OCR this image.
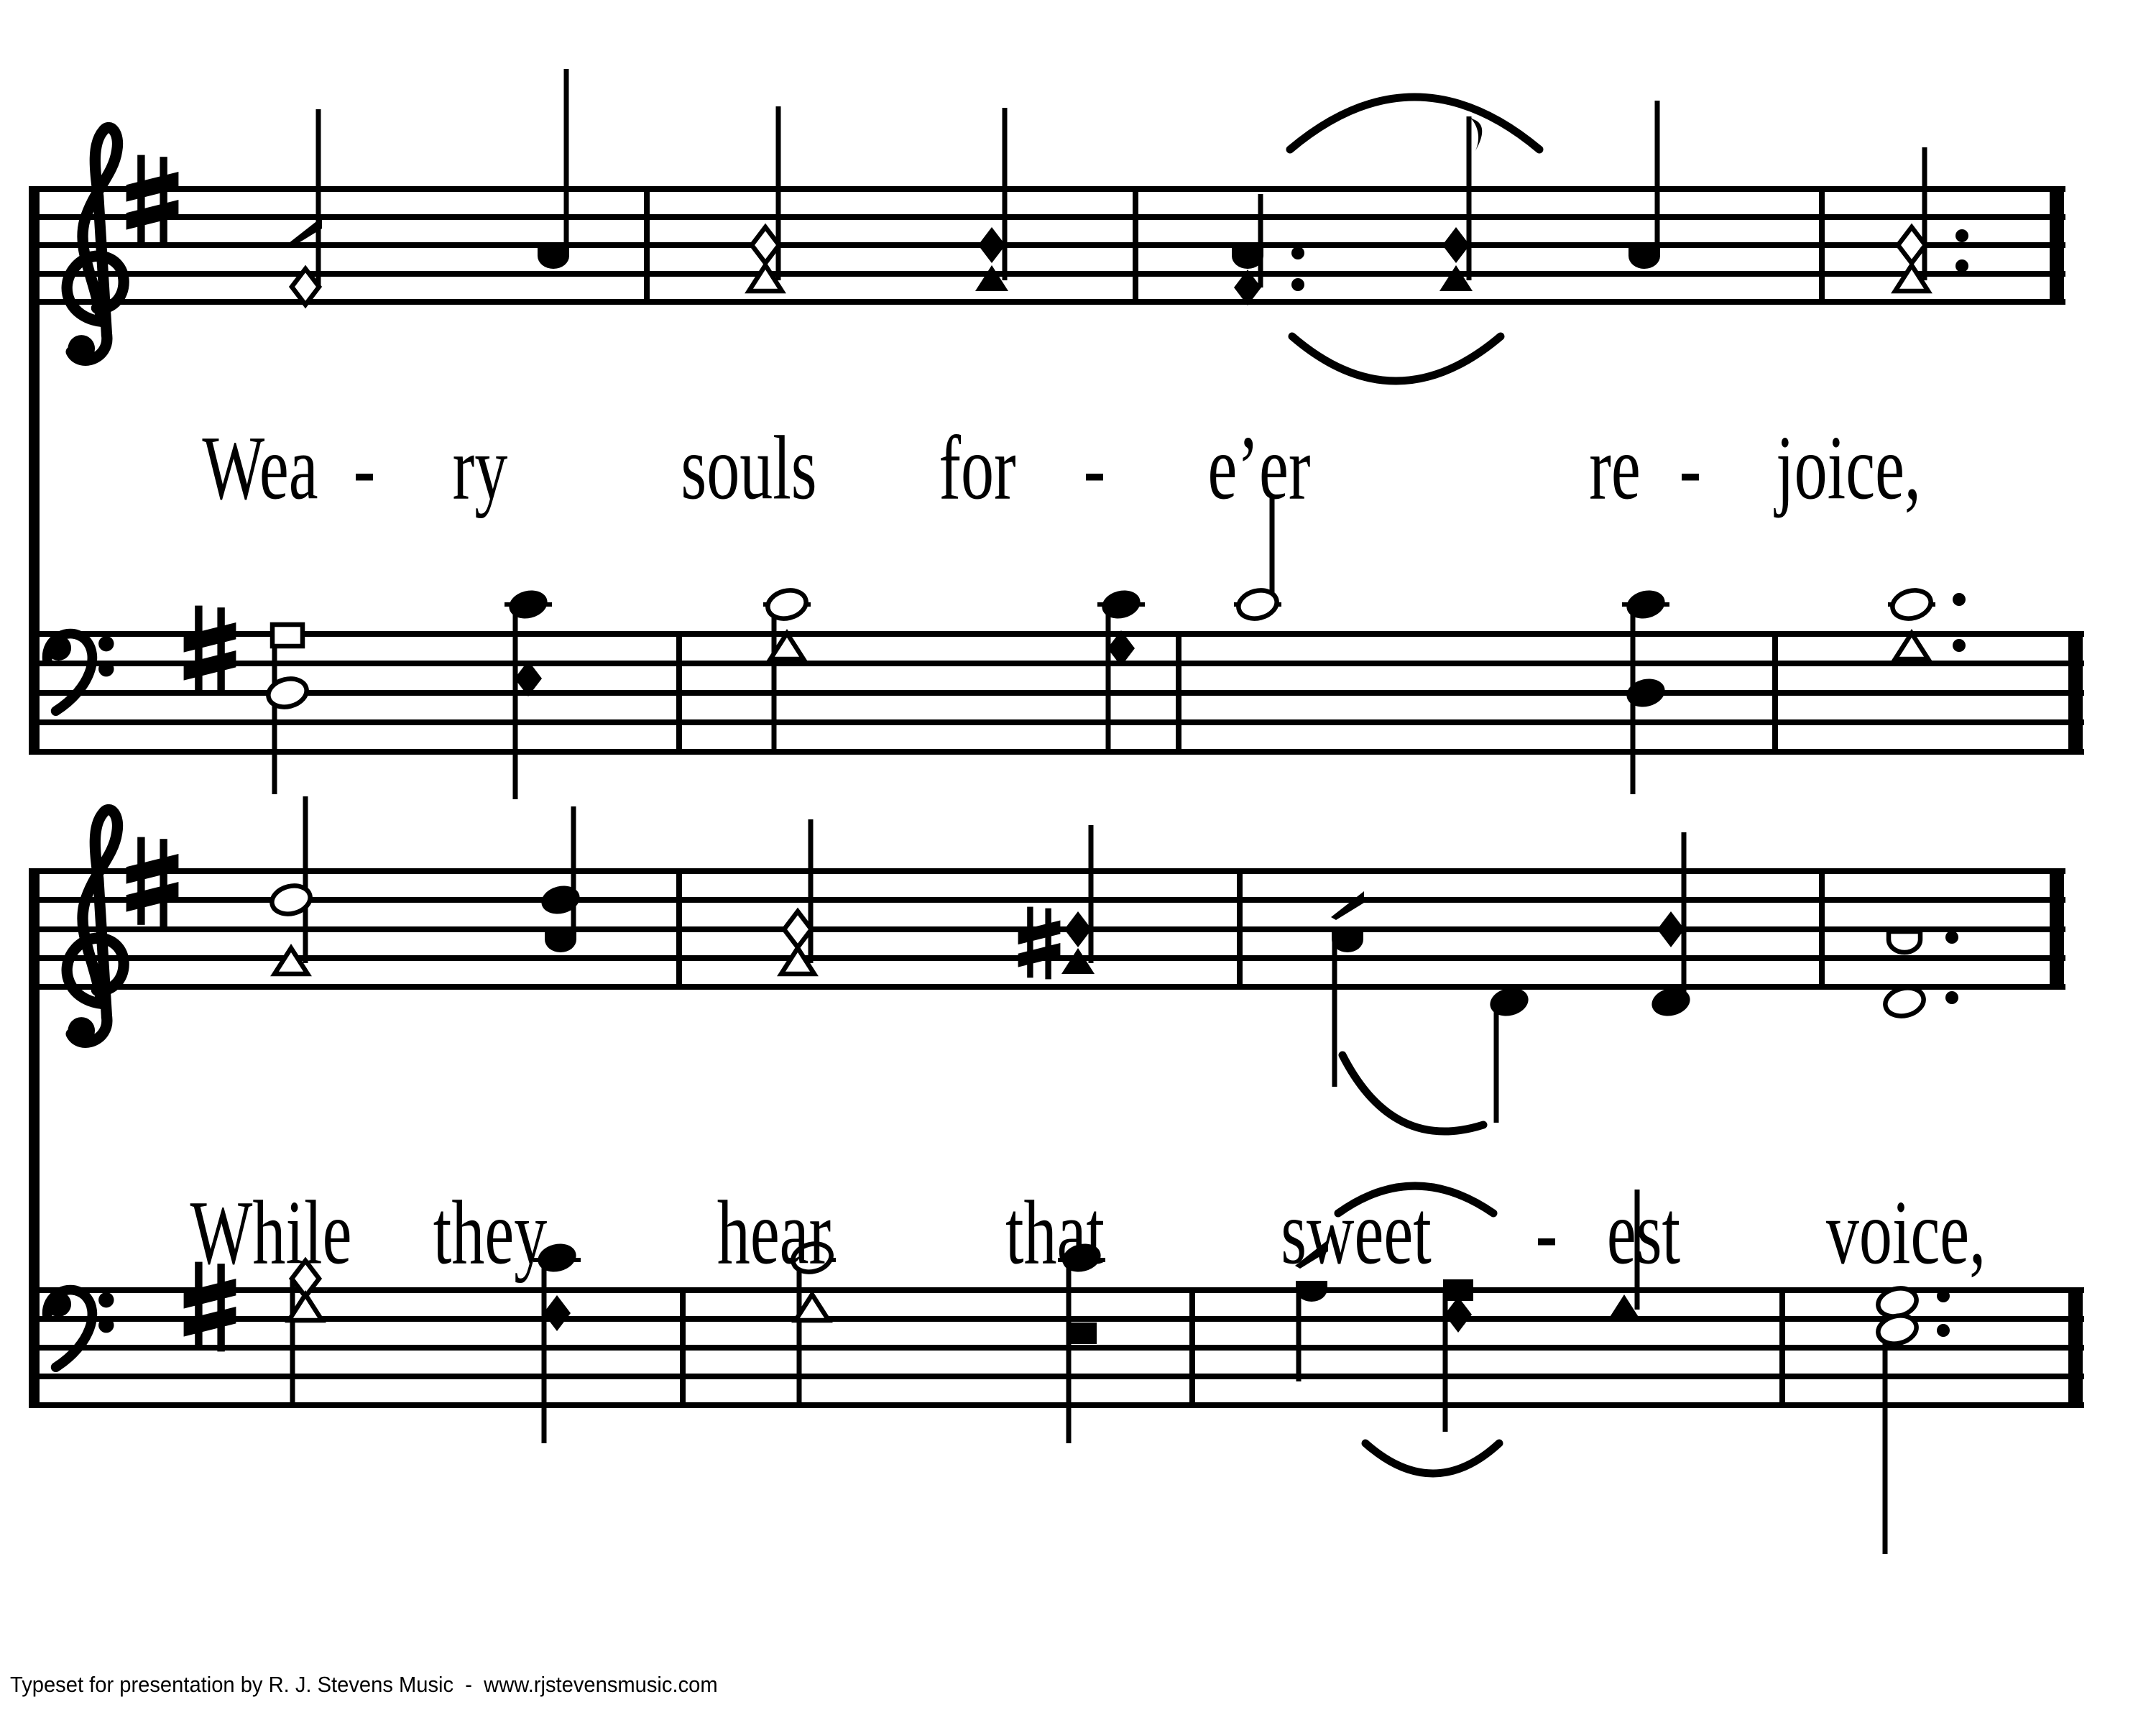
Wea - ry souls for - e’er	re - joice,
While they hear that sweet - est voice,
Typeset for presentation by R. J. Stevens Music  -  www.rjstevensmusic.com
